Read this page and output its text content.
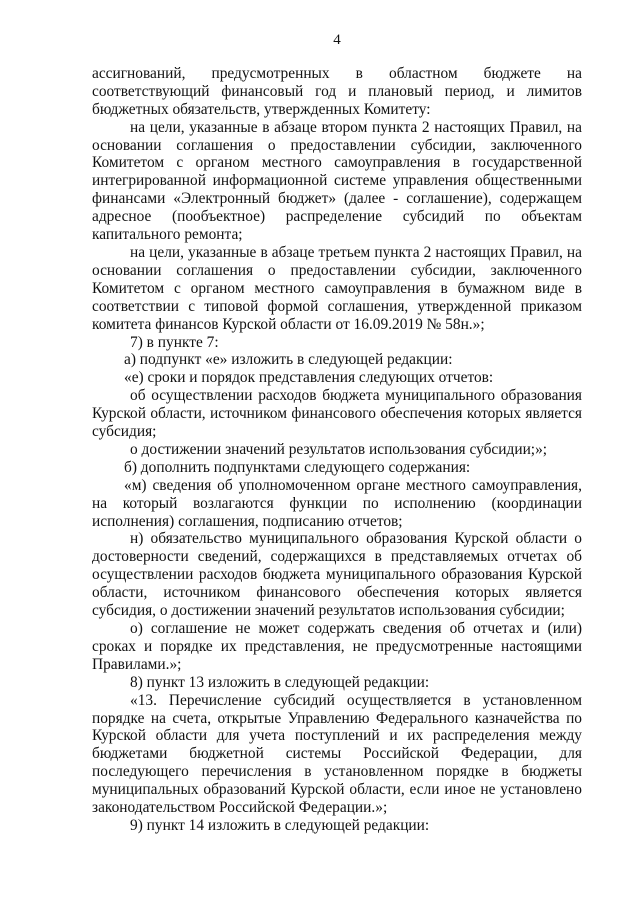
4

ассигнований, предусмотренных в областном бюджете на соответствующий финансовый год и плановый период, и лимитов бюджетных обязательств, утвержденных Комитету:

на цели, указанные в абзаце втором пункта 2 настоящих Правил, на основании соглашения о предоставлении субсидии, заключенного Комитетом с органом местного самоуправления в государственной интегрированной информационной системе управления общественными финансами «Электронный бюджет» (далее - соглашение), содержащем адресное (пообъектное) распределение субсидий по объектам капитального ремонта;

на цели, указанные в абзаце третьем пункта 2 настоящих Правил, на основании соглашения о предоставлении субсидии, заключенного Комитетом с органом местного самоуправления в бумажном виде в соответствии с типовой формой соглашения, утвержденной приказом комитета финансов Курской области от 16.09.2019 № 58н.»;

7) в пункте 7:

а) подпункт «е» изложить в следующей редакции:

«е) сроки и порядок представления следующих отчетов:

об осуществлении расходов бюджета муниципального образования Курской области, источником финансового обеспечения которых является субсидия;

о достижении значений результатов использования субсидии;»;

б) дополнить подпунктами следующего содержания:

«м) сведения об уполномоченном органе местного самоуправления, на который возлагаются функции по исполнению (координации исполнения) соглашения, подписанию отчетов;

н) обязательство муниципального образования Курской области о достоверности сведений, содержащихся в представляемых отчетах об осуществлении расходов бюджета муниципального образования Курской области, источником финансового обеспечения которых является субсидия, о достижении значений результатов использования субсидии;

о) соглашение не может содержать сведения об отчетах и (или) сроках и порядке их представления, не предусмотренные настоящими Правилами.»;

8) пункт 13 изложить в следующей редакции:

«13. Перечисление субсидий осуществляется в установленном порядке на счета, открытые Управлению Федерального казначейства по Курской области для учета поступлений и их распределения между бюджетами бюджетной системы Российской Федерации, для последующего перечисления в установленном порядке в бюджеты муниципальных образований Курской области, если иное не установлено законодательством Российской Федерации.»;

9) пункт 14 изложить в следующей редакции:
